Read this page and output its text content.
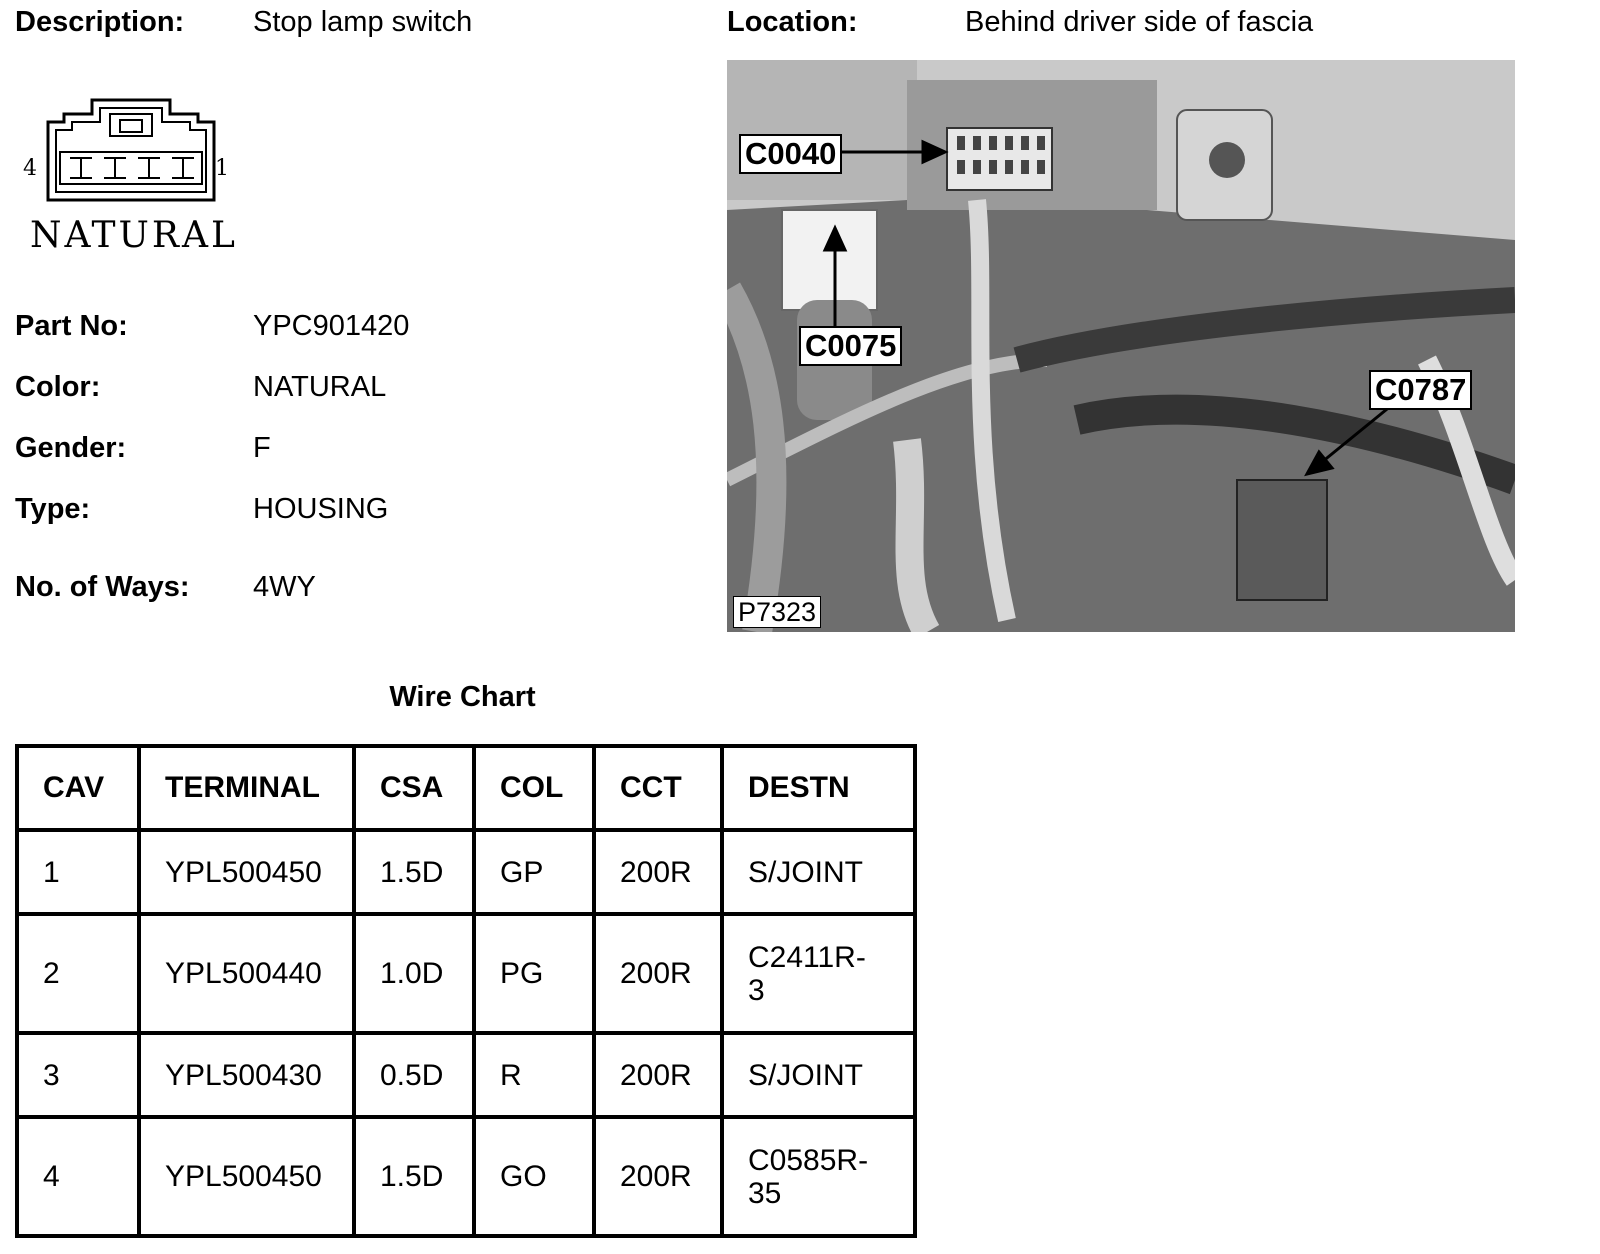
Description: Stop lamp switch	Location:	Behind driver side of fascia
4	1
NATURAL
Part No:	YPC901420
Color:	NATURAL
Gender:	F
Type:	HOUSING
No. of Ways: 4WY
C0040
C0075
C0787
P7323
Wire Chart
CAV	TERMINAL	CSA	COL	CCT	DESTN
1	YPL500450	1.5D	GP	200R	S/JOINT
2	YPL500440	1.0D	PG	200R	C2411R-
3
3	YPL500430	0.5D	R	200R	S/JOINT
4	YPL500450	1.5D	GO	200R	C0585R-
35
